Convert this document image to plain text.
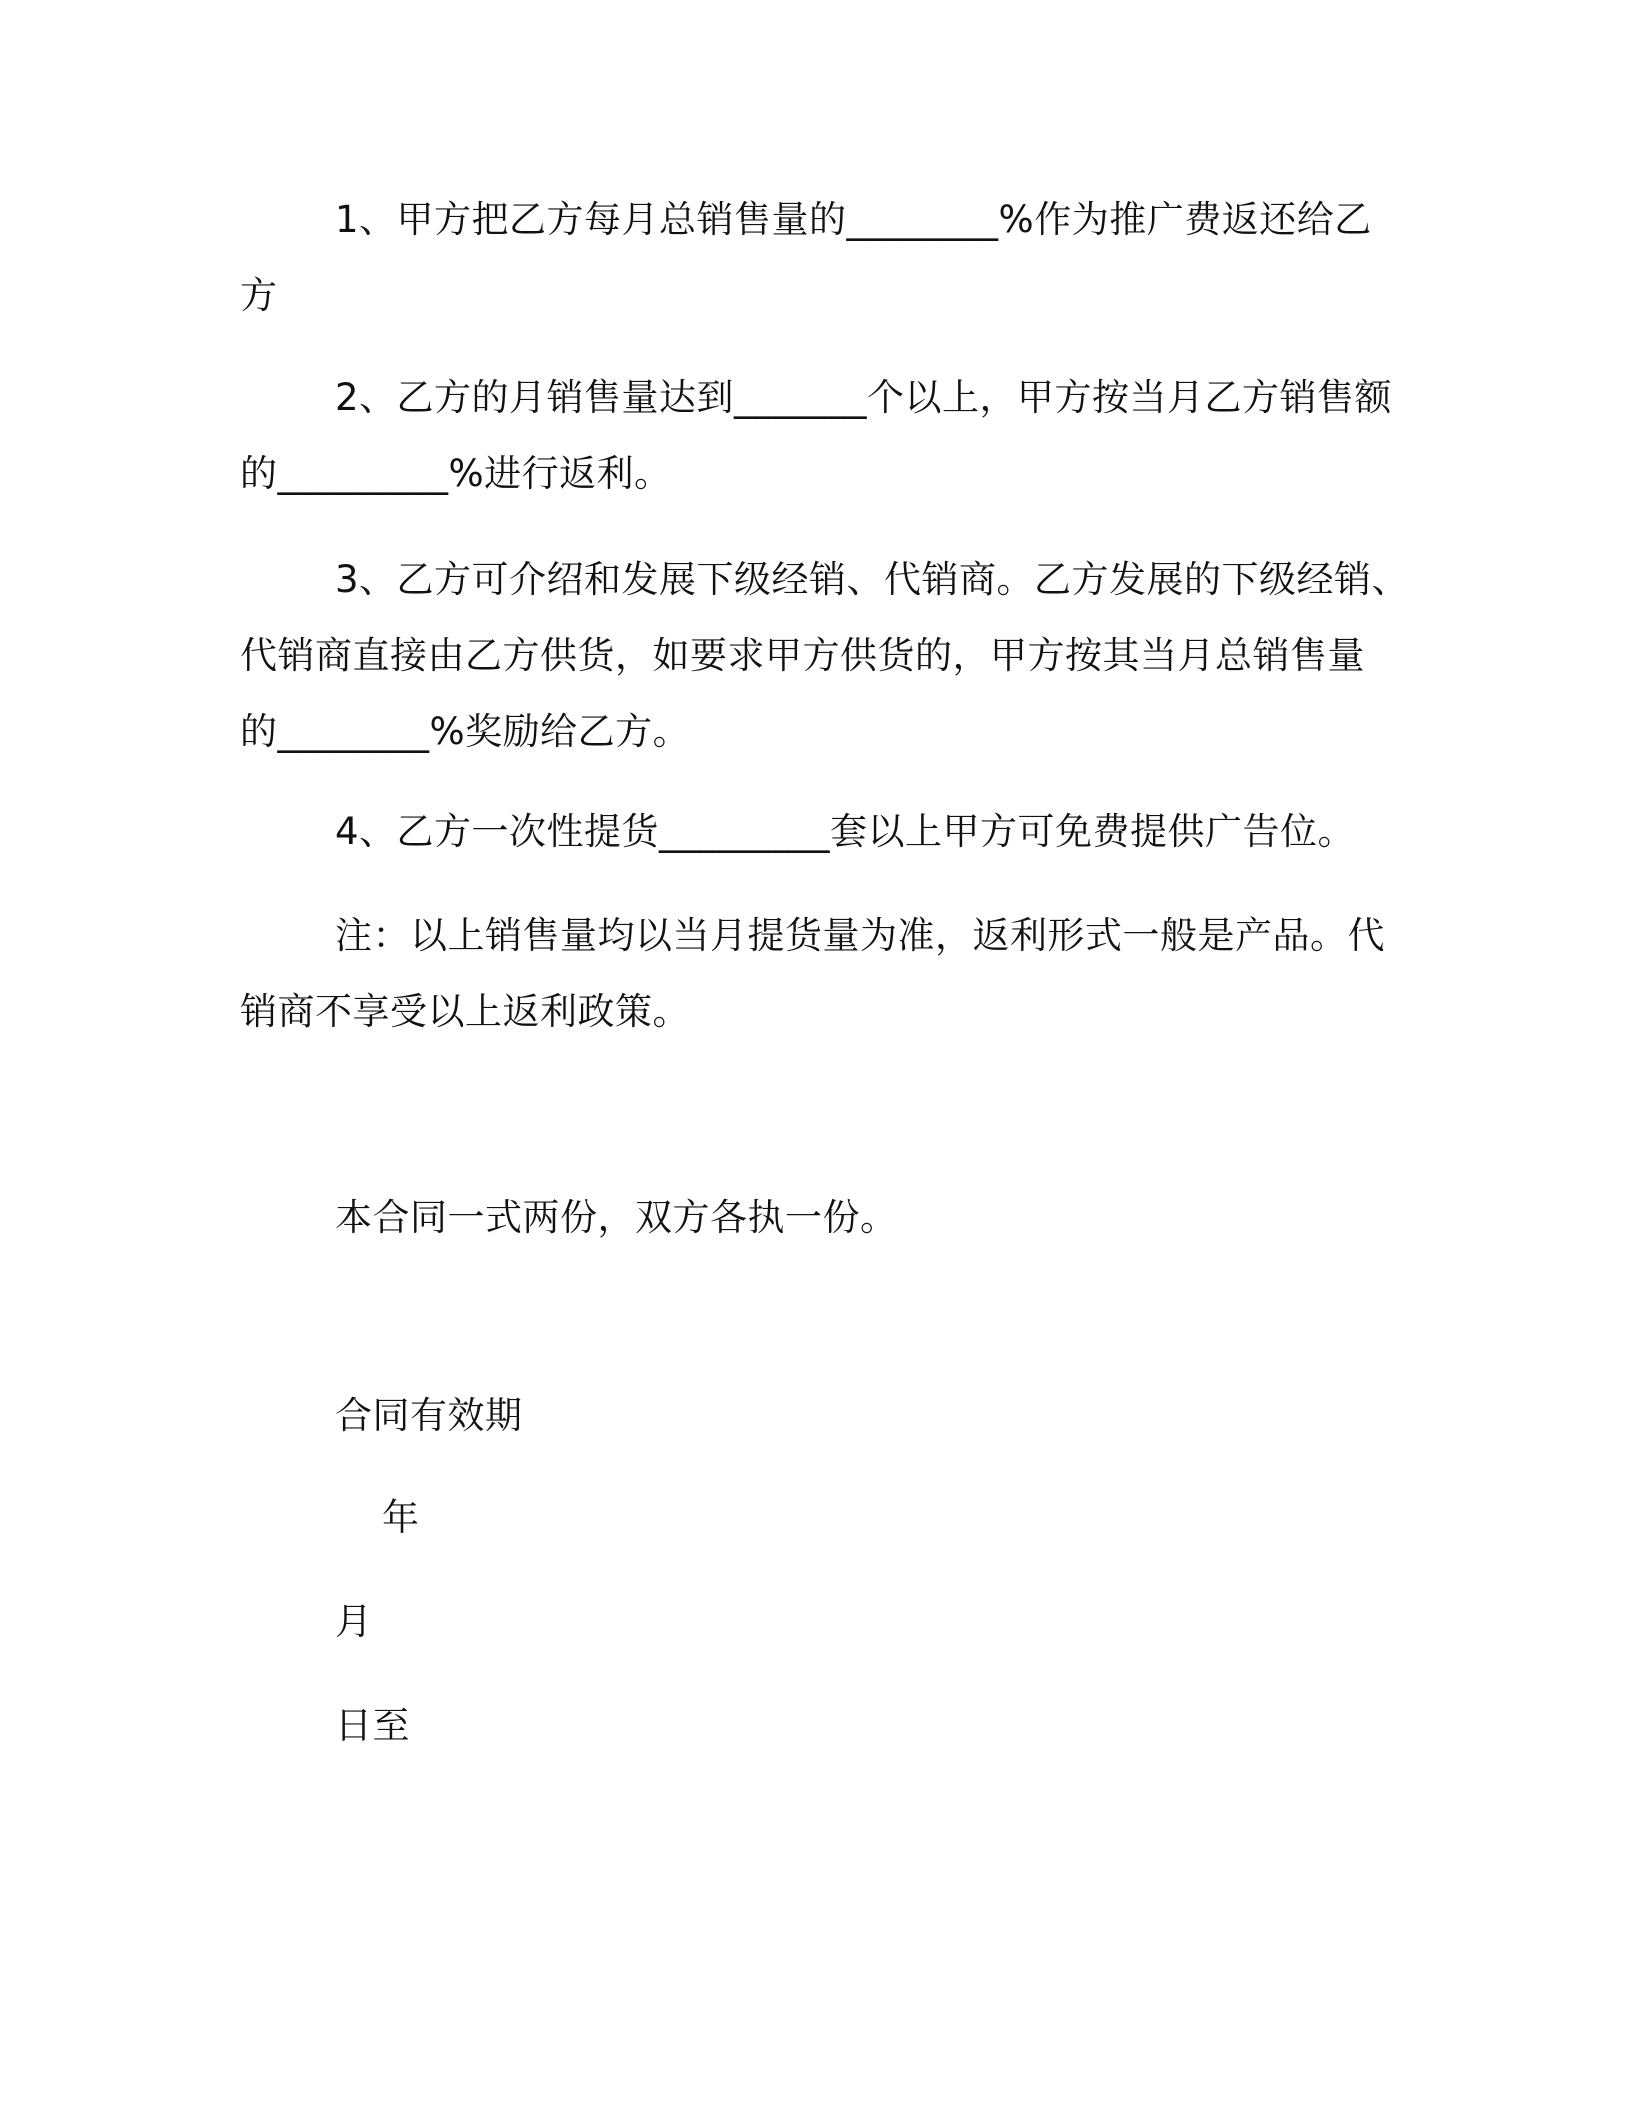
1、甲方把乙方每月总销售量的________%作为推广费返还给乙
方
2、乙方的月销售量达到_______个以上，甲方按当月乙方销售额
的_________%进行返利。
3、乙方可介绍和发展下级经销、代销商。乙方发展的下级经销、
代销商直接由乙方供货，如要求甲方供货的，甲方按其当月总销售量
的________%奖励给乙方。
4、乙方一次性提货_________套以上甲方可免费提供广告位。
注：以上销售量均以当月提货量为准，返利形式一般是产品。代
销商不享受以上返利政策。
本合同一式两份，双方各执一份。
合同有效期
年
月
日至
